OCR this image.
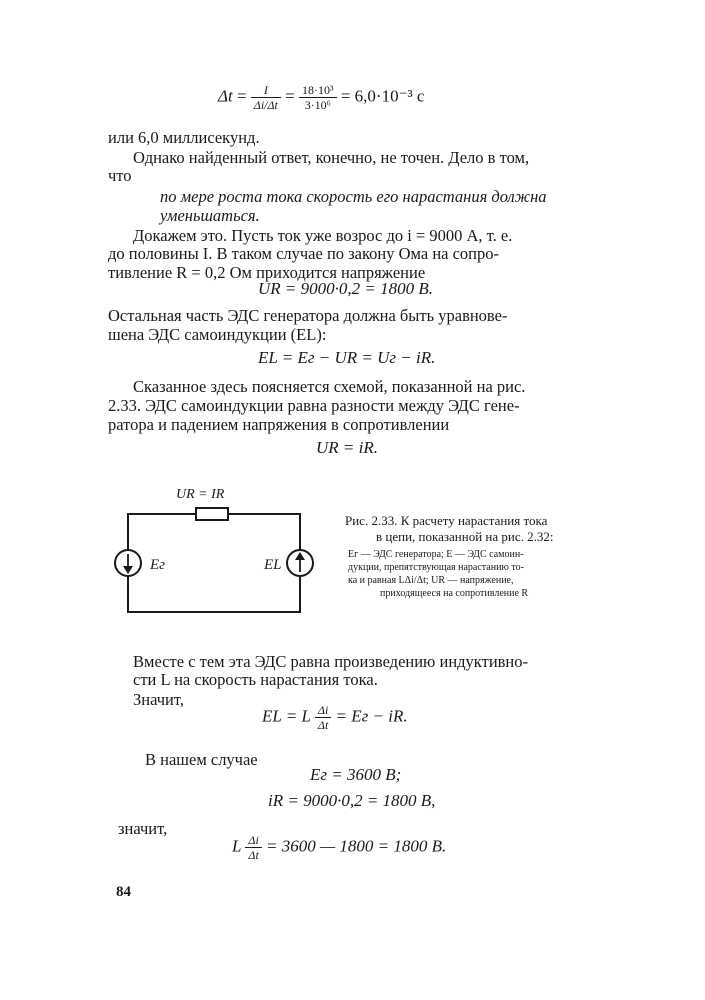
$\Delta t = \frac{I}{\Delta i/\Delta t} = \frac{\text{18·10³}}{\text{3·10⁶}} = 6,0\cdot 10^{-3}$ с
или 6,0 миллисекунд.
Однако найденный ответ, конечно, не точен. Дело в том,
что
по мере роста тока скорость его нарастания должна
уменьшаться.
Докажем это. Пусть ток уже возрос до i = 9000 А, т. е.
до половины I. В таком случае по закону Ома на сопро-
тивление R = 0,2 Ом приходится напряжение
UR = 9000·0,2 = 1800 В.
Остальная часть ЭДС генератора должна быть уравнове-
шена ЭДС самоиндукции (EL):
EL = Eг − UR = Uг − iR.
Сказанное здесь поясняется схемой, показанной на рис.
2.33. ЭДС самоиндукции равна разности между ЭДС гене-
ратора и падением напряжения в сопротивлении
UR = iR.
UR = IR
Eг	EL
Рис. 2.33. К расчету нарастания тока
в цепи, показанной на рис. 2.32:
Eг — ЭДС генератора; E — ЭДС самоин-
дукции, препятствующая нарастанию то-
ка и равная LΔi/Δt; UR — напряжение,
приходящееся на сопротивление R
Вместе с тем эта ЭДС равна произведению индуктивно-
сти L на скорость нарастания тока.
Значит,
EL = L $\frac{\Delta i}{\Delta t}$ = Eг − iR.
В нашем случае
Eг = 3600 В;
iR = 9000·0,2 = 1800 В,
значит,
L $\frac{\Delta i}{\Delta t} = 3600$ — 1800 = 1800 В.
84
